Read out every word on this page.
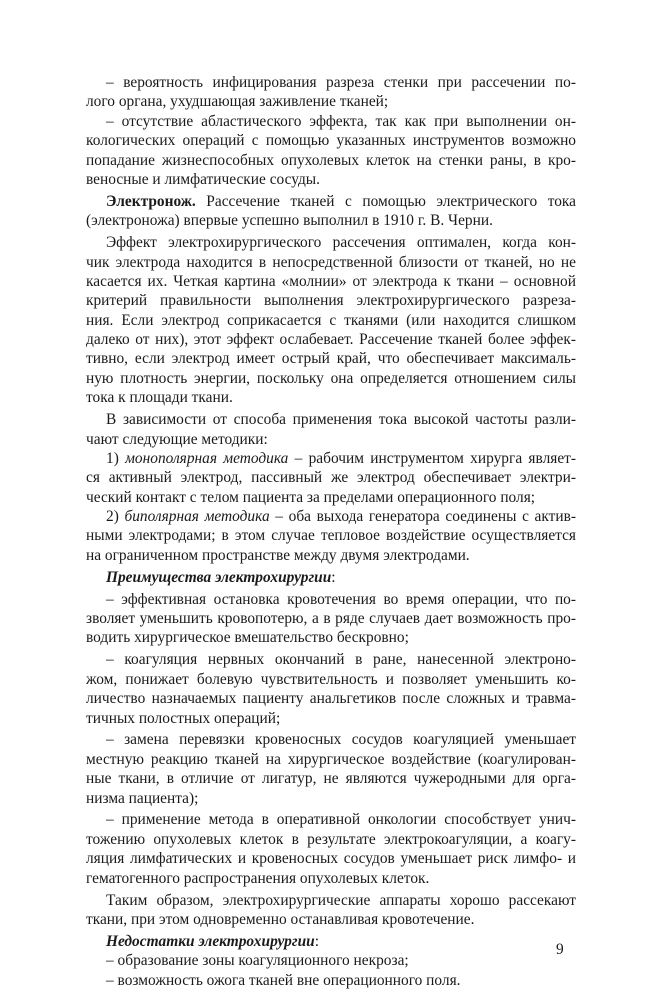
– вероятность инфицирования разреза стенки при рассечении по-
лого органа, ухудшающая заживление тканей;
– отсутствие абластического эффекта, так как при выполнении он-
кологических операций с помощью указанных инструментов возможно
попадание жизнеспособных опухолевых клеток на стенки раны, в кро-
веносные и лимфатические сосуды.
Электронож. Рассечение тканей с помощью электрического тока
(электроножа) впервые успешно выполнил в 1910 г. В. Черни.
Эффект электрохирургического рассечения оптимален, когда кон-
чик электрода находится в непосредственной близости от тканей, но не
касается их. Четкая картина «молнии» от электрода к ткани – основной
критерий правильности выполнения электрохирургического разреза-
ния. Если электрод соприкасается с тканями (или находится слишком
далеко от них), этот эффект ослабевает. Рассечение тканей более эффек-
тивно, если электрод имеет острый край, что обеспечивает максималь-
ную плотность энергии, поскольку она определяется отношением силы
тока к площади ткани.
В зависимости от способа применения тока высокой частоты разли-
чают следующие методики:
1) монополярная методика – рабочим инструментом хирурга являет-
ся активный электрод, пассивный же электрод обеспечивает электри-
ческий контакт с телом пациента за пределами операционного поля;
2) биполярная методика – оба выхода генератора соединены с актив-
ными электродами; в этом случае тепловое воздействие осуществляется
на ограниченном пространстве между двумя электродами.
Преимущества электрохирургии:
– эффективная остановка кровотечения во время операции, что по-
зволяет уменьшить кровопотерю, а в ряде случаев дает возможность про-
водить хирургическое вмешательство бескровно;
– коагуляция нервных окончаний в ране, нанесенной электроно-
жом, понижает болевую чувствительность и позволяет уменьшить ко-
личество назначаемых пациенту анальгетиков после сложных и травма-
тичных полостных операций;
– замена перевязки кровеносных сосудов коагуляцией уменьшает
местную реакцию тканей на хирургическое воздействие (коагулирован-
ные ткани, в отличие от лигатур, не являются чужеродными для орга-
низма пациента);
– применение метода в оперативной онкологии способствует унич-
тожению опухолевых клеток в результате электрокоагуляции, а коагу-
ляция лимфатических и кровеносных сосудов уменьшает риск лимфо- и
гематогенного распространения опухолевых клеток.
Таким образом, электрохирургические аппараты хорошо рассекают
ткани, при этом одновременно останавливая кровотечение.
Недостатки электрохирургии:
– образование зоны коагуляционного некроза;
– возможность ожога тканей вне операционного поля.
9
